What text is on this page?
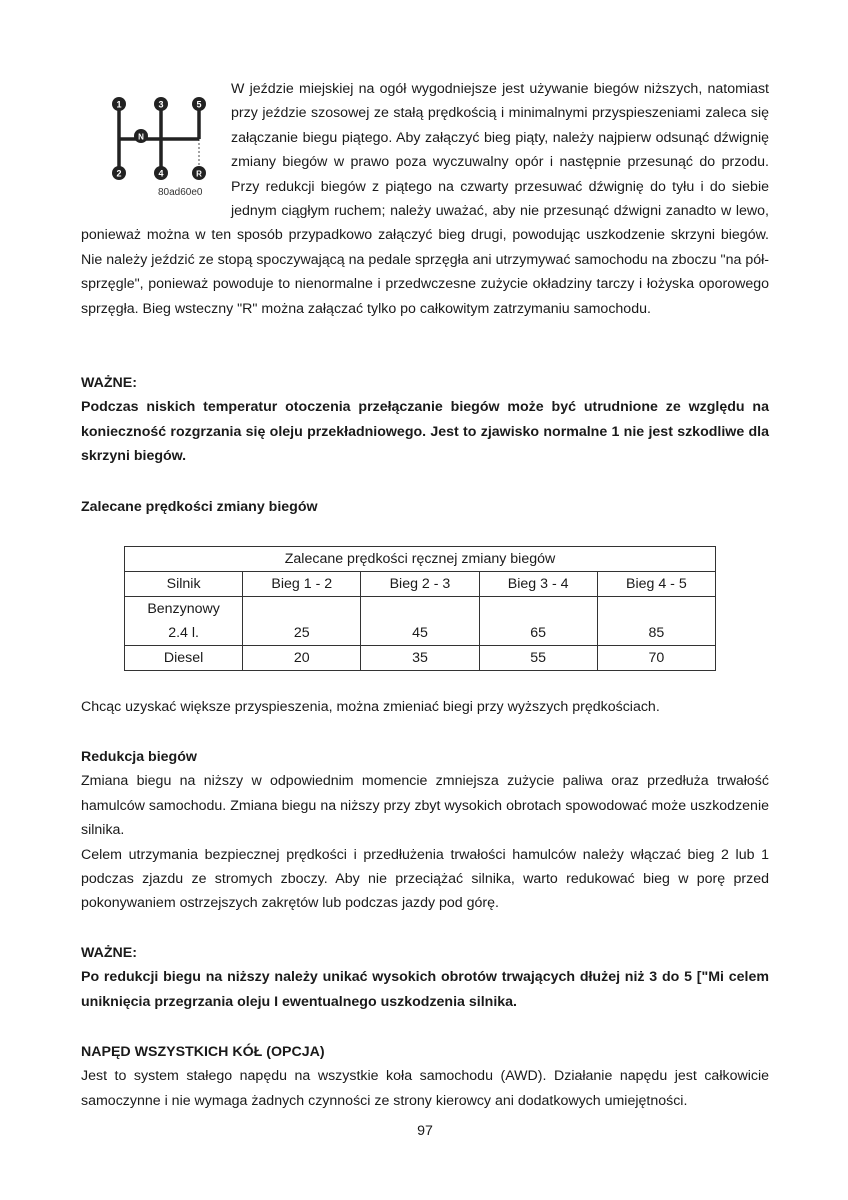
1	3	5
N
2	4	R
80ad60e0

W jeździe miejskiej na ogół wygodniejsze jest używanie biegów niższych, natomiast przy jeździe szosowej ze stałą prędkością i minimalnymi przyspieszeniami zaleca się załączanie biegu piątego. Aby załączyć bieg piąty, należy najpierw odsunąć dźwignię zmiany biegów w prawo poza wyczuwalny opór i następnie przesunąć do przodu. Przy redukcji biegów z piątego na czwarty przesuwać dźwignię do tyłu i do siebie jednym ciągłym ruchem; należy uważać, aby nie przesunąć dźwigni zanadto w lewo, ponieważ można w ten sposób przypadkowo załączyć bieg drugi, powodując uszkodzenie skrzyni biegów. Nie należy jeździć ze stopą spoczywającą na pedale sprzęgła ani utrzymywać samochodu na zboczu "na pół-sprzęgle", ponieważ powoduje to nienormalne i przedwczesne zużycie okładziny tarczy i łożyska oporowego sprzęgła. Bieg wsteczny "R" można załączać tylko po całkowitym zatrzymaniu samochodu.

WAŻNE:

Podczas niskich temperatur otoczenia przełączanie biegów może być utrudnione ze względu na konieczność rozgrzania się oleju przekładniowego. Jest to zjawisko normalne 1 nie jest szkodliwe dla skrzyni biegów.

Zalecane prędkości zmiany biegów

Zalecane prędkości ręcznej zmiany biegów				
Silnik	Bieg 1 - 2	Bieg 2 - 3	Bieg 3 - 4	Bieg 4 - 5

Benzynowy
2.4 l.	25	45	65	85
Diesel	20	35	55	70

Chcąc uzyskać większe przyspieszenia, można zmieniać biegi przy wyższych prędkościach.

Redukcja biegów

Zmiana biegu na niższy w odpowiednim momencie zmniejsza zużycie paliwa oraz przedłuża trwałość hamulców samochodu. Zmiana biegu na niższy przy zbyt wysokich obrotach spowodować może uszkodzenie silnika.

Celem utrzymania bezpiecznej prędkości i przedłużenia trwałości hamulców należy włączać bieg 2 lub 1 podczas zjazdu ze stromych zboczy. Aby nie przeciążać silnika, warto redukować bieg w porę przed pokonywaniem ostrzejszych zakrętów lub podczas jazdy pod górę.

WAŻNE:

Po redukcji biegu na niższy należy unikać wysokich obrotów trwających dłużej niż 3 do 5 ["Mi celem uniknięcia przegrzania oleju I ewentualnego uszkodzenia silnika.

NAPĘD WSZYSTKICH KÓŁ (OPCJA)

Jest to system stałego napędu na wszystkie koła samochodu (AWD). Działanie napędu jest całkowicie samoczynne i nie wymaga żadnych czynności ze strony kierowcy ani dodatkowych umiejętności.

97
